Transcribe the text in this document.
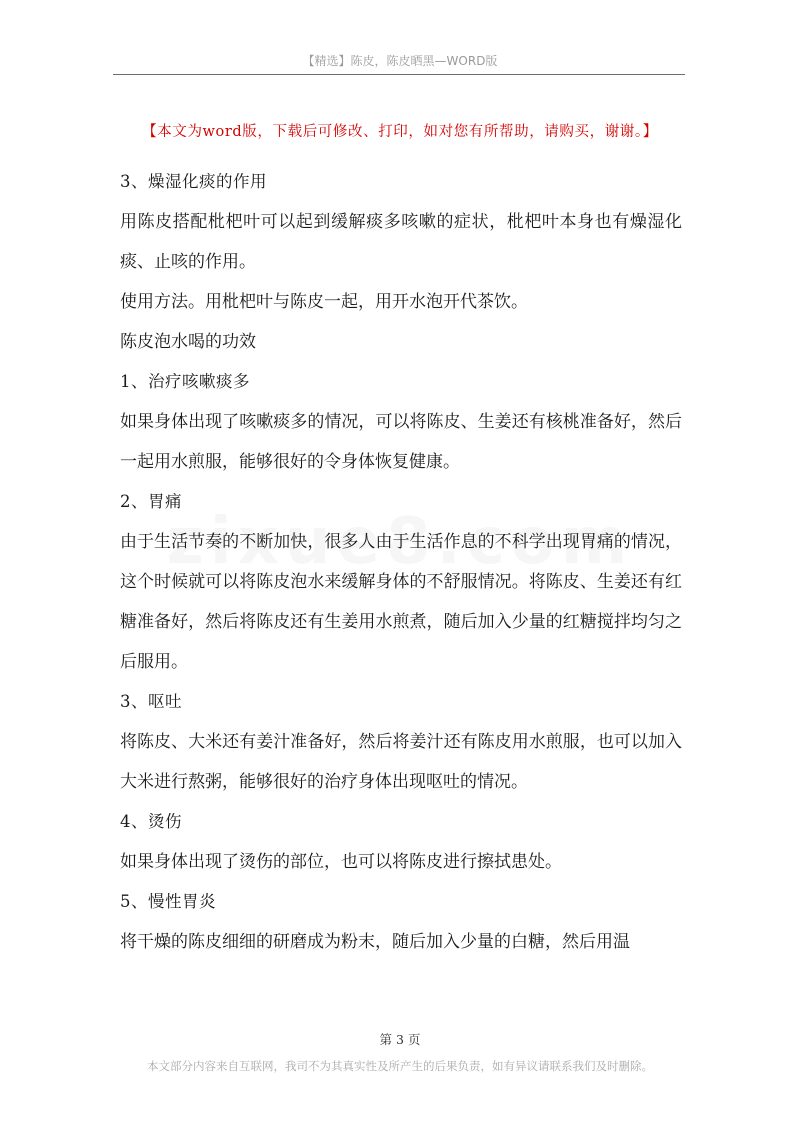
【精选】陈皮，陈皮晒黑—WORD版
【本文为word版，下载后可修改、打印，如对您有所帮助，请购买，谢谢。】

3、燥湿化痰的作用

用陈皮搭配枇杷叶可以起到缓解痰多咳嗽的症状，枇杷叶本身也有燥湿化痰、止咳的作用。

使用方法。用枇杷叶与陈皮一起，用开水泡开代茶饮。

陈皮泡水喝的功效

1、治疗咳嗽痰多

如果身体出现了咳嗽痰多的情况，可以将陈皮、生姜还有核桃准备好，然后一起用水煎服，能够很好的令身体恢复健康。

2、胃痛

由于生活节奏的不断加快，很多人由于生活作息的不科学出现胃痛的情况，这个时候就可以将陈皮泡水来缓解身体的不舒服情况。将陈皮、生姜还有红糖准备好，然后将陈皮还有生姜用水煎煮，随后加入少量的红糖搅拌均匀之后服用。

3、呕吐

将陈皮、大米还有姜汁准备好，然后将姜汁还有陈皮用水煎服，也可以加入大米进行熬粥，能够很好的治疗身体出现呕吐的情况。

4、烫伤

如果身体出现了烫伤的部位，也可以将陈皮进行擦拭患处。

5、慢性胃炎

将干燥的陈皮细细的研磨成为粉末，随后加入少量的白糖，然后用温

第 3 页
本文部分内容来自互联网，我司不为其真实性及所产生的后果负责，如有异议请联系我们及时删除。
